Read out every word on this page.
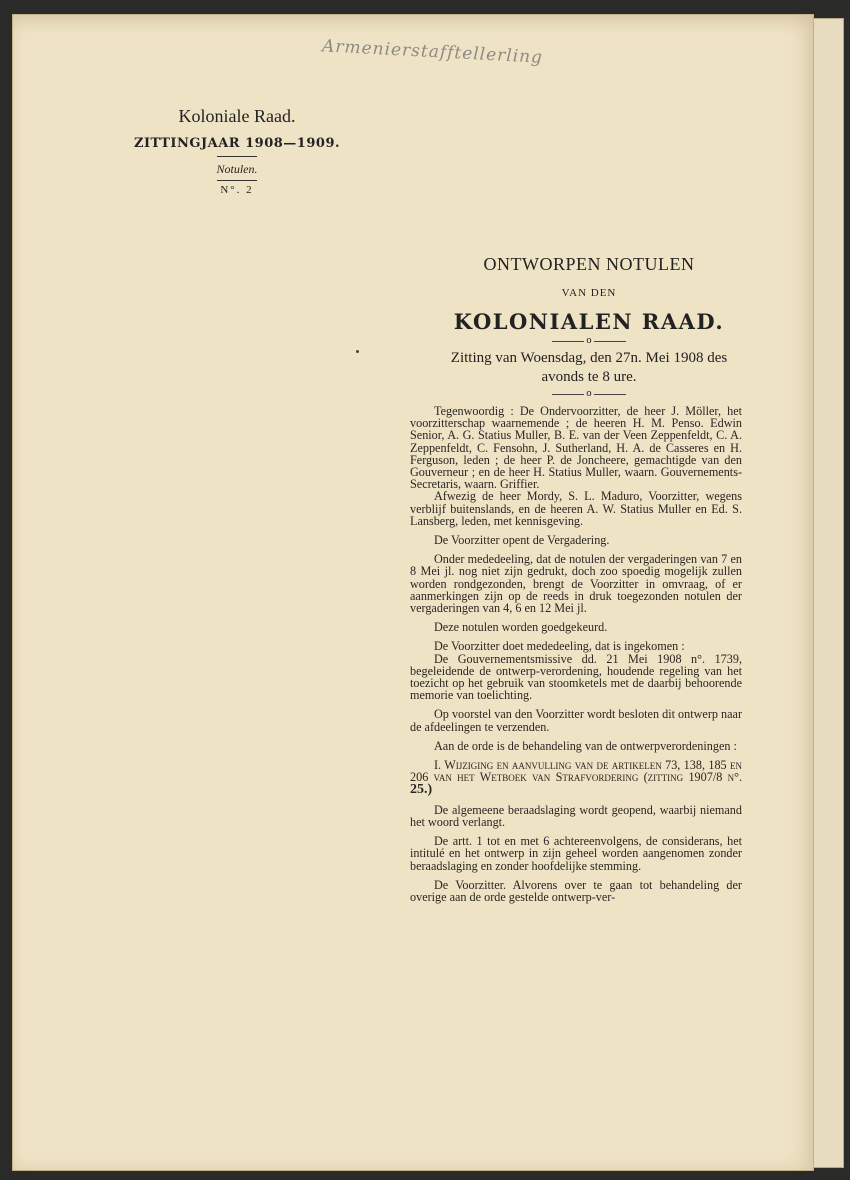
Armenierstafftellerling
Koloniale Raad.
ZITTINGJAAR 1908—1909.
Notulen.
N°. 2
ONTWORPEN NOTULEN
VAN DEN
KOLONIALEN RAAD.
o
Zitting van Woensdag, den 27n. Mei 1908 des
avonds te 8 ure.
o

Tegenwoordig : De Ondervoorzitter, de heer J. Möller, het voorzitterschap waarnemende ; de heeren H. M. Penso. Edwin Senior, A. G. Statius Muller, B. E. van der Veen Zeppenfeldt, C. A. Zeppenfeldt, C. Fensohn, J. Sutherland, H. A. de Casseres en H. Ferguson, leden ; de heer P. de Joncheere, gemachtigde van den Gouverneur ; en de heer H. Statius Muller, waarn. Gouvernements-Secretaris, waarn. Griffier.

Afwezig de heer Mordy, S. L. Maduro, Voorzitter, wegens verblijf buitenslands, en de heeren A. W. Statius Muller en Ed. S. Lansberg, leden, met kennisgeving.

De Voorzitter opent de Vergadering.

Onder mededeeling, dat de notulen der vergaderingen van 7 en 8 Mei jl. nog niet zijn gedrukt, doch zoo spoedig mogelijk zullen worden rondgezonden, brengt de Voorzitter in omvraag, of er aanmerkingen zijn op de reeds in druk toegezonden notulen der vergaderingen van 4, 6 en 12 Mei jl.

Deze notulen worden goedgekeurd.

De Voorzitter doet mededeeling, dat is ingekomen :

De Gouvernementsmissive dd. 21 Mei 1908 n°. 1739, begeleidende de ontwerp-verordening, houdende regeling van het toezicht op het gebruik van stoomketels met de daarbij behoorende memorie van toelichting.

Op voorstel van den Voorzitter wordt besloten dit ontwerp naar de afdeelingen te verzenden.

Aan de orde is de behandeling van de ontwerpverordeningen :

I. Wijziging en aanvulling van de artikelen 73, 138, 185 en 206 van het Wetboek van Strafvordering (zitting 1907/8 n°. 25.)

De algemeene beraadslaging wordt geopend, waarbij niemand het woord verlangt.

De artt. 1 tot en met 6 achtereenvolgens, de considerans, het intitulé en het ontwerp in zijn geheel worden aangenomen zonder beraadslaging en zonder hoofdelijke stemming.

De Voorzitter. Alvorens over te gaan tot behandeling der overige aan de orde gestelde ontwerp-ver-
